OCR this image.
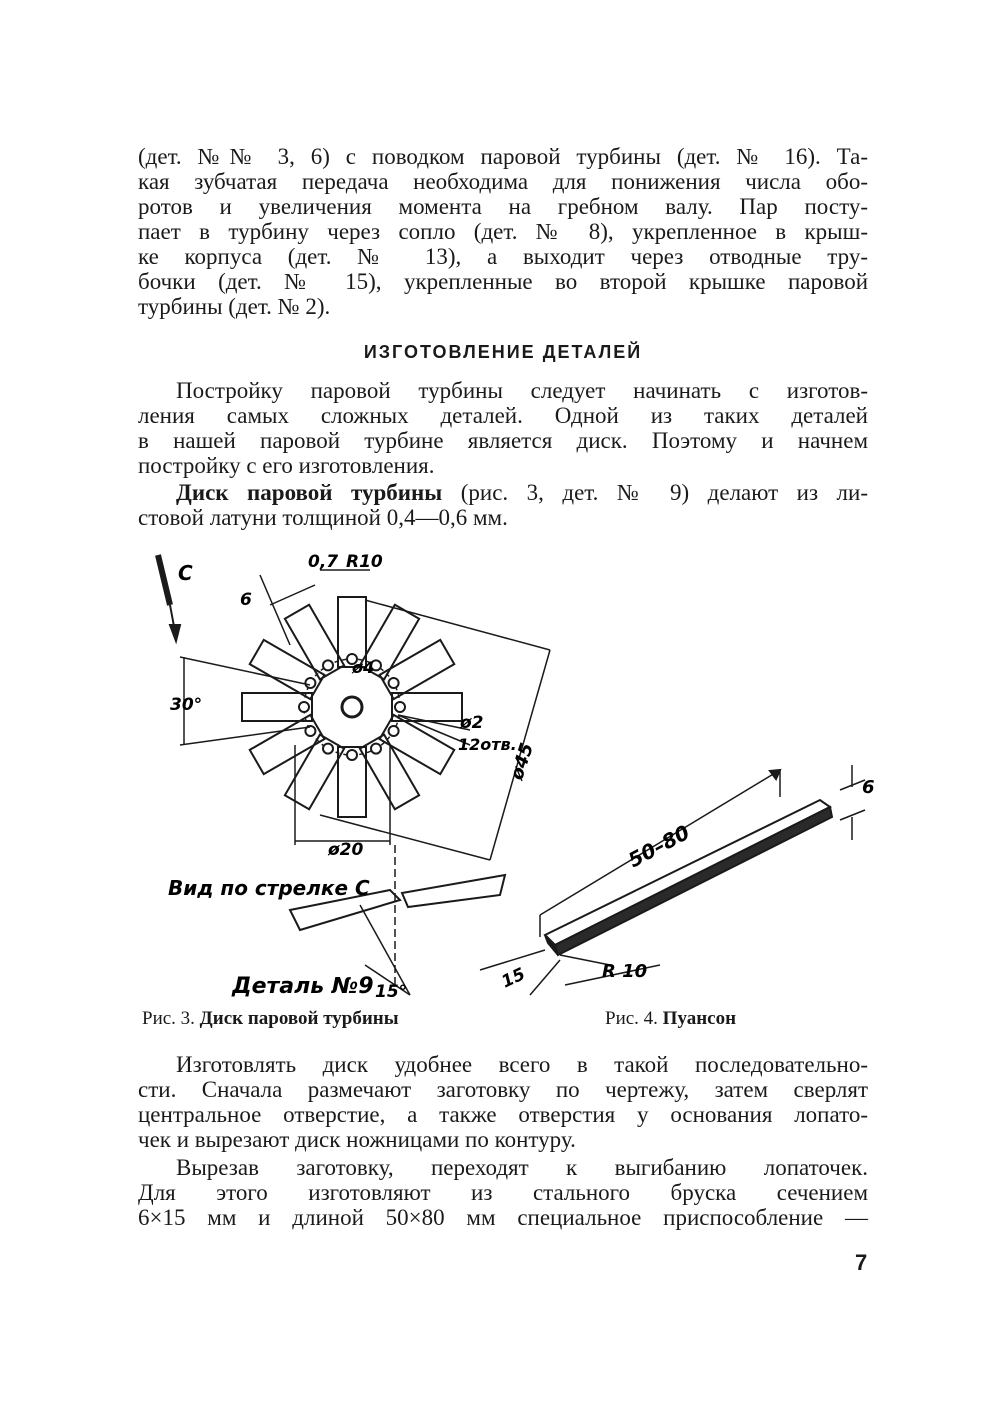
(дет. №№ 3, 6) с поводком паровой турбины (дет. № 16). Та-
кая зубчатая передача необходима для понижения числа обо-
ротов и увеличения момента на гребном валу. Пар посту-
пает в турбину через сопло (дет. № 8), укрепленное в крыш-
ке корпуса (дет. № 13), а выходит через отводные тру-
бочки (дет. № 15), укрепленные во второй крышке паровой
турбины (дет. № 2).

ИЗГОТОВЛЕНИЕ ДЕТАЛЕЙ

Постройку паровой турбины следует начинать с изготов-
ления самых сложных деталей. Одной из таких деталей
в нашей паровой турбине является диск. Поэтому и начнем
постройку с его изготовления.

Диск паровой турбины (рис. 3, дет. № 9) делают из ли-
стовой латуни толщиной 0,4—0,6 мм.

С	0,7 R10
6
30°
ø4
ø2
12отв.
ø45
ø20
Вид по стрелке С
Деталь №9 15°
50–80
6
15	R 10
Рис. 3. Диск паровой турбины	Рис. 4. Пуансон

Изготовлять диск удобнее всего в такой последовательно-
сти. Сначала размечают заготовку по чертежу, затем сверлят
центральное отверстие, а также отверстия у основания лопато-
чек и вырезают диск ножницами по контуру.

Вырезав заготовку, переходят к выгибанию лопаточек.
Для этого изготовляют из стального бруска сечением
6×15 мм и длиной 50×80 мм специальное приспособление —

7
